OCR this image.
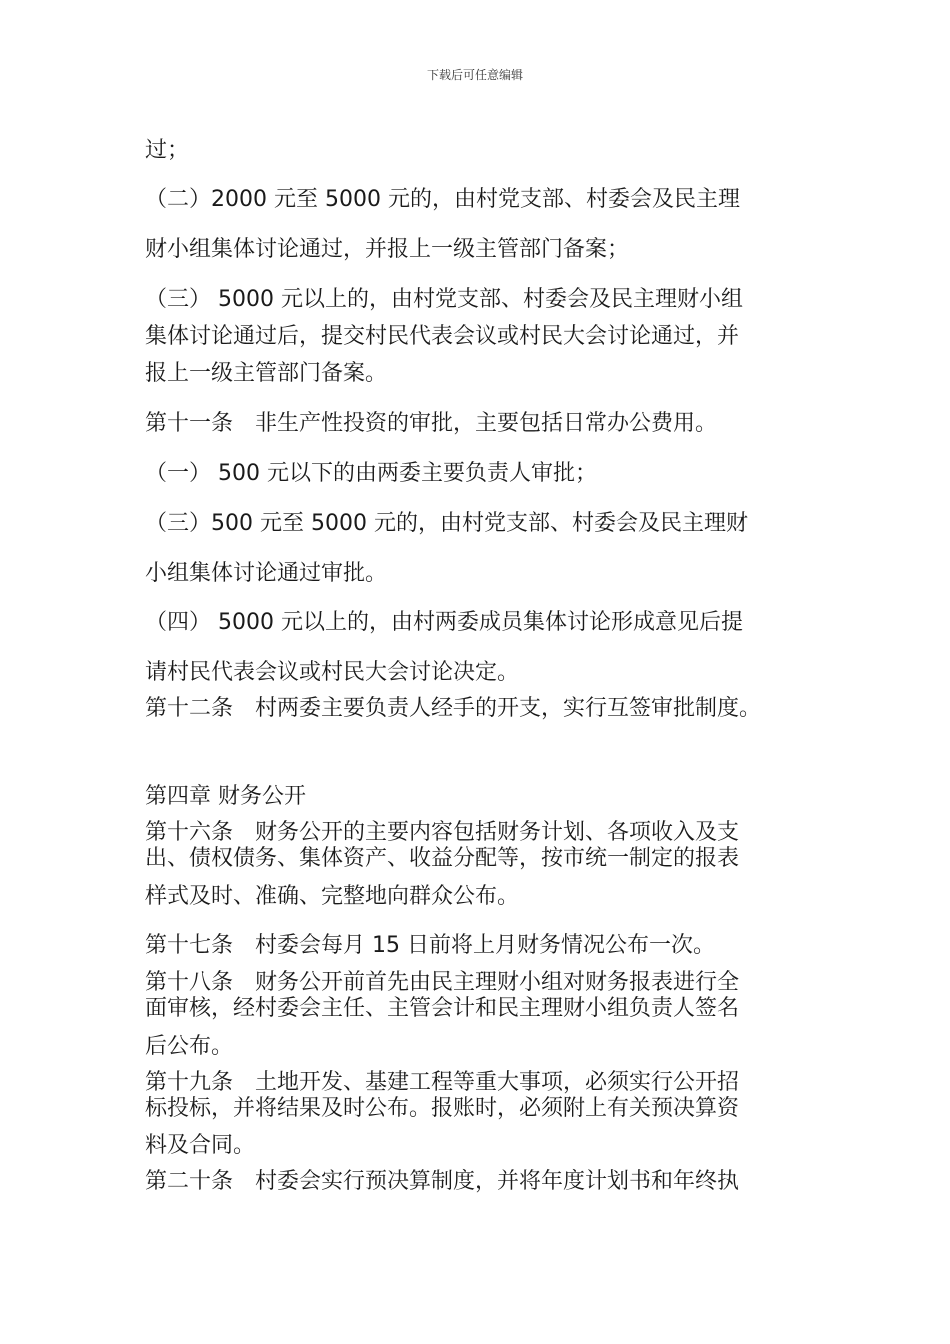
下载后可任意编辑
过；
（二）2000 元至 5000 元的，由村党支部、村委会及民主理
财小组集体讨论通过，并报上一级主管部门备案；
（三） 5000 元以上的，由村党支部、村委会及民主理财小组
集体讨论通过后，提交村民代表会议或村民大会讨论通过，并
报上一级主管部门备案。
第十一条　非生产性投资的审批，主要包括日常办公费用。
（一） 500 元以下的由两委主要负责人审批；
（三）500 元至 5000 元的，由村党支部、村委会及民主理财
小组集体讨论通过审批。
（四） 5000 元以上的，由村两委成员集体讨论形成意见后提
请村民代表会议或村民大会讨论决定。
第十二条　村两委主要负责人经手的开支，实行互签审批制度。
第四章 财务公开
第十六条　财务公开的主要内容包括财务计划、各项收入及支
出、债权债务、集体资产、收益分配等，按市统一制定的报表
样式及时、准确、完整地向群众公布。
第十七条　村委会每月 15 日前将上月财务情况公布一次。
第十八条　财务公开前首先由民主理财小组对财务报表进行全
面审核，经村委会主任、主管会计和民主理财小组负责人签名
后公布。
第十九条　土地开发、基建工程等重大事项，必须实行公开招
标投标，并将结果及时公布。报账时，必须附上有关预决算资
料及合同。
第二十条　村委会实行预决算制度，并将年度计划书和年终执
